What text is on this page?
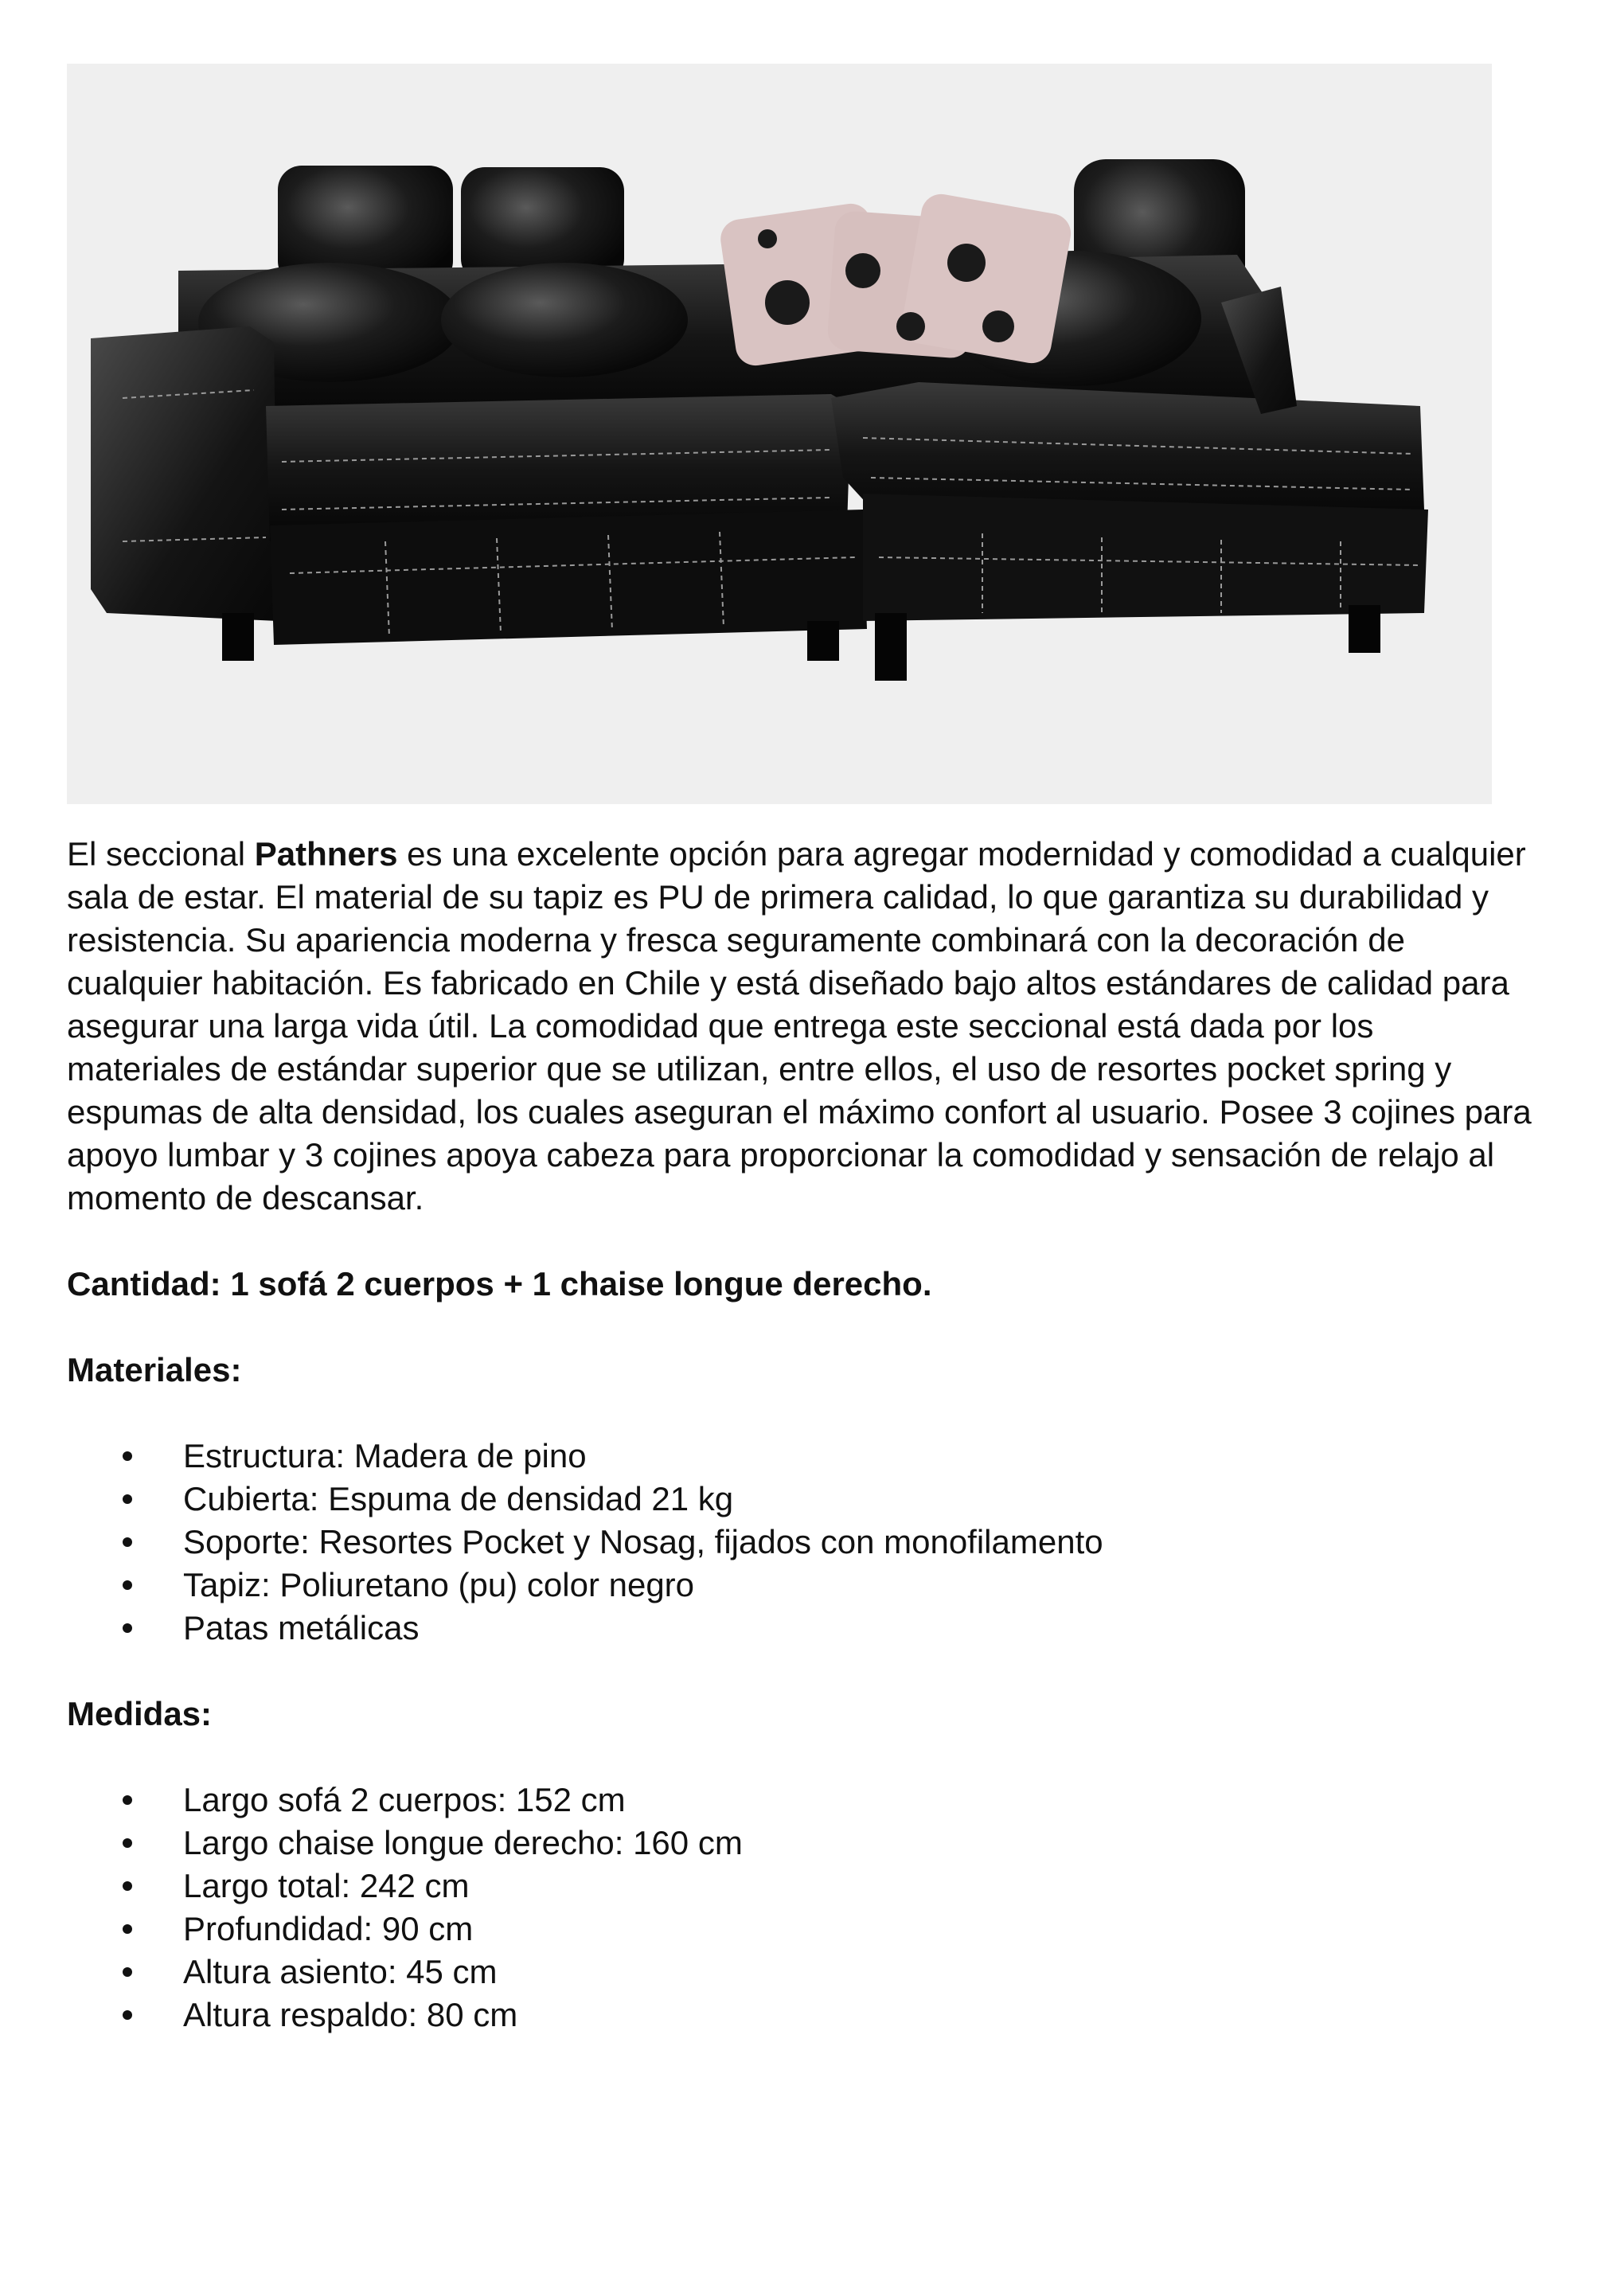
El seccional Pathners es una excelente opción para agregar modernidad y comodidad a cualquier sala de estar. El material de su tapiz es PU de primera calidad, lo que garantiza su durabilidad y resistencia. Su apariencia moderna y fresca seguramente combinará con la decoración de cualquier habitación. Es fabricado en Chile y está diseñado bajo altos estándares de calidad para asegurar una larga vida útil. La comodidad que entrega este seccional está dada por los materiales de estándar superior que se utilizan, entre ellos, el uso de resortes pocket spring y espumas de alta densidad, los cuales aseguran el máximo confort al usuario. Posee 3 cojines para apoyo lumbar y 3 cojines apoya cabeza para proporcionar la comodidad y sensación de relajo al momento de descansar.

Cantidad: 1 sofá 2 cuerpos + 1 chaise longue derecho.

Materiales:

Estructura: Madera de pino
Cubierta: Espuma de densidad 21 kg
Soporte: Resortes Pocket y Nosag, fijados con monofilamento
Tapiz: Poliuretano (pu) color negro
Patas metálicas

Medidas:

Largo sofá 2 cuerpos: 152 cm
Largo chaise longue derecho: 160 cm
Largo total: 242 cm
Profundidad: 90 cm
Altura asiento: 45 cm
Altura respaldo: 80 cm
